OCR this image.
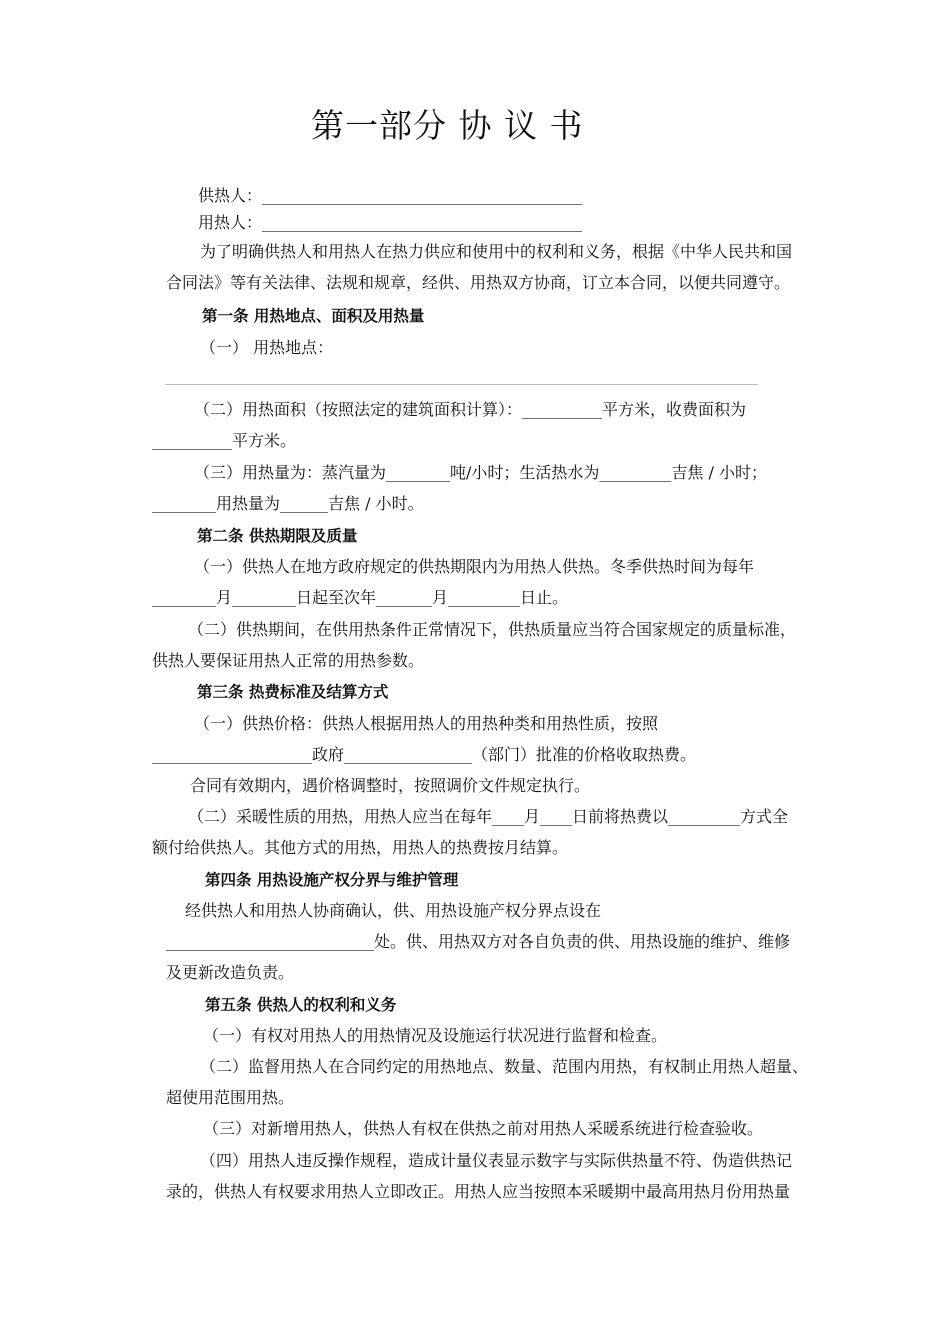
第一部分 协 议 书
供热人：________________________________________
用热人：________________________________________
为了明确供热人和用热人在热力供应和使用中的权利和义务，根据《中华人民共和国
合同法》等有关法律、法规和规章，经供、用热双方协商，订立本合同，以便共同遵守。
第一条 用热地点、面积及用热量
（一） 用热地点：
（二）用热面积（按照法定的建筑面积计算）：__________平方米，收费面积为
__________平方米。
（三）用热量为：蒸汽量为________吨/小时；生活热水为_________吉焦 / 小时；
________用热量为______吉焦 / 小时。
第二条 供热期限及质量
（一）供热人在地方政府规定的供热期限内为用热人供热。冬季供热时间为每年
________月________日起至次年_______月_________日止。
（二）供热期间，在供用热条件正常情况下，供热质量应当符合国家规定的质量标准，
供热人要保证用热人正常的用热参数。
第三条 热费标准及结算方式
（一）供热价格：供热人根据用热人的用热种类和用热性质，按照
____________________政府________________（部门）批准的价格收取热费。
合同有效期内，遇价格调整时，按照调价文件规定执行。
（二）采暖性质的用热，用热人应当在每年____月____日前将热费以_________方式全
额付给供热人。其他方式的用热，用热人的热费按月结算。
第四条 用热设施产权分界与维护管理
经供热人和用热人协商确认，供、用热设施产权分界点设在
__________________________处。供、用热双方对各自负责的供、用热设施的维护、维修
及更新改造负责。
第五条 供热人的权利和义务
（一）有权对用热人的用热情况及设施运行状况进行监督和检查。
（二）监督用热人在合同约定的用热地点、数量、范围内用热，有权制止用热人超量、
超使用范围用热。
（三）对新增用热人，供热人有权在供热之前对用热人采暖系统进行检查验收。
（四）用热人违反操作规程，造成计量仪表显示数字与实际供热量不符、伪造供热记
录的，供热人有权要求用热人立即改正。用热人应当按照本采暖期中最高用热月份用热量
